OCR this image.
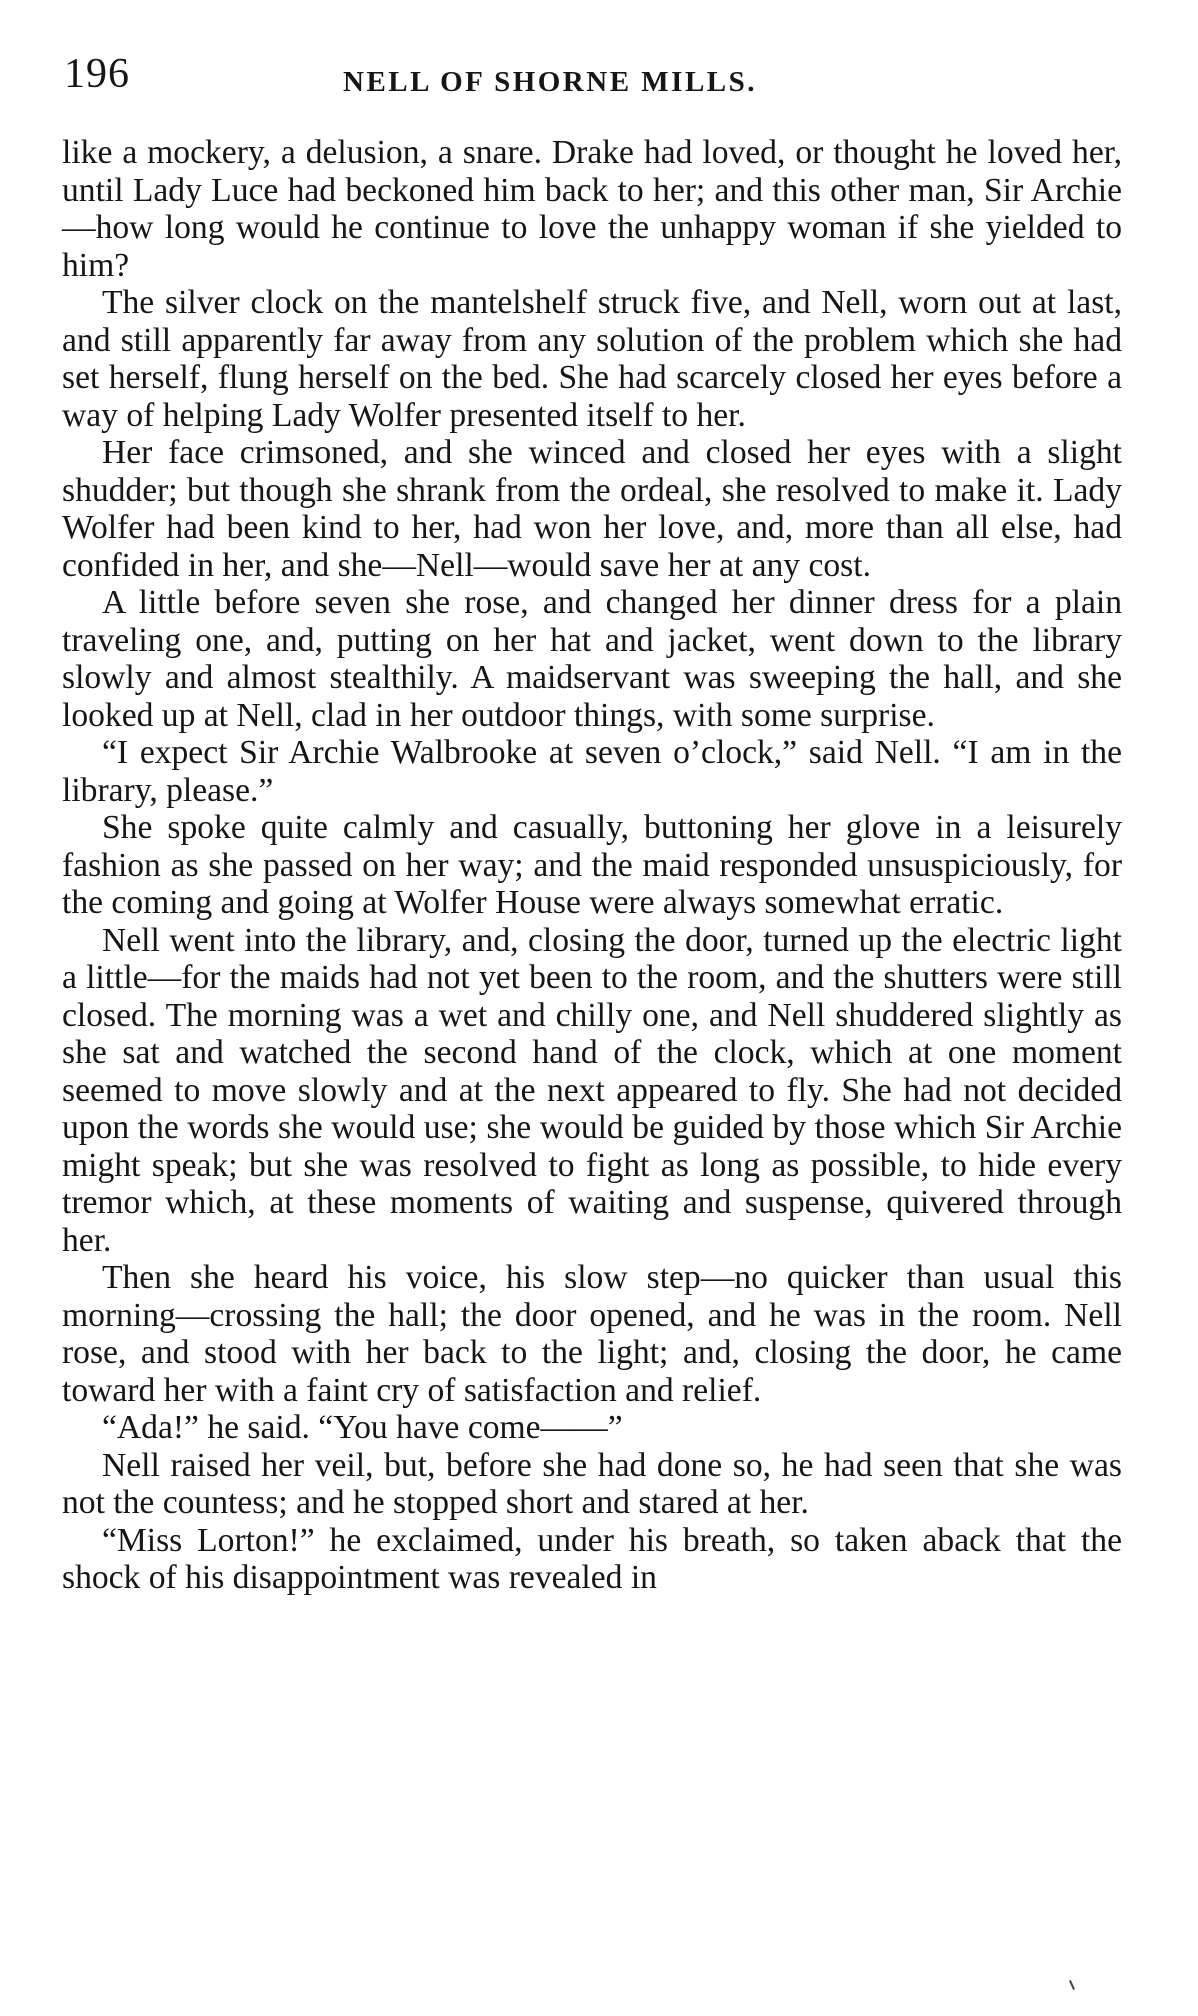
196	NELL OF SHORNE MILLS.

like a mockery, a delusion, a snare. Drake had loved, or thought he loved her, until Lady Luce had beckoned him back to her; and this other man, Sir Archie—how long would he continue to love the unhappy woman if she yielded to him?

The silver clock on the mantelshelf struck five, and Nell, worn out at last, and still apparently far away from any solution of the problem which she had set herself, flung herself on the bed. She had scarcely closed her eyes before a way of helping Lady Wolfer presented itself to her.

Her face crimsoned, and she winced and closed her eyes with a slight shudder; but though she shrank from the ordeal, she resolved to make it. Lady Wolfer had been kind to her, had won her love, and, more than all else, had confided in her, and she—Nell—would save her at any cost.

A little before seven she rose, and changed her dinner dress for a plain traveling one, and, putting on her hat and jacket, went down to the library slowly and almost stealthily. A maidservant was sweeping the hall, and she looked up at Nell, clad in her outdoor things, with some surprise.

“I expect Sir Archie Walbrooke at seven o’clock,” said Nell. “I am in the library, please.”

She spoke quite calmly and casually, buttoning her glove in a leisurely fashion as she passed on her way; and the maid responded unsuspiciously, for the coming and going at Wolfer House were always somewhat erratic.

Nell went into the library, and, closing the door, turned up the electric light a little—for the maids had not yet been to the room, and the shutters were still closed. The morning was a wet and chilly one, and Nell shuddered slightly as she sat and watched the second hand of the clock, which at one moment seemed to move slowly and at the next appeared to fly. She had not decided upon the words she would use; she would be guided by those which Sir Archie might speak; but she was resolved to fight as long as possible, to hide every tremor which, at these moments of waiting and suspense, quivered through her.

Then she heard his voice, his slow step—no quicker than usual this morning—crossing the hall; the door opened, and he was in the room. Nell rose, and stood with her back to the light; and, closing the door, he came toward her with a faint cry of satisfaction and relief.

“Ada!” he said. “You have come——”

Nell raised her veil, but, before she had done so, he had seen that she was not the countess; and he stopped short and stared at her.

“Miss Lorton!” he exclaimed, under his breath, so taken aback that the shock of his disappointment was revealed in
